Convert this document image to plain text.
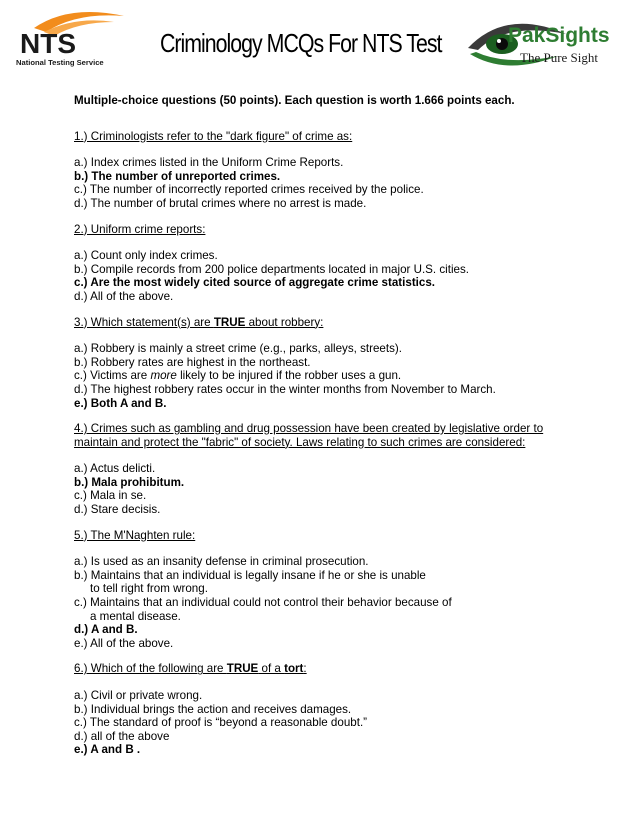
NTS
National Testing Service
Criminology MCQs For NTS Test	PakSights
The Pure Sight

Multiple-choice questions (50 points). Each question is worth 1.666 points each.

1.) Criminologists refer to the "dark figure" of crime as:

a.) Index crimes listed in the Uniform Crime Reports.

b.) The number of unreported crimes.

c.) The number of incorrectly reported crimes received by the police.

d.) The number of brutal crimes where no arrest is made.

2.) Uniform crime reports:

a.) Count only index crimes.

b.) Compile records from 200 police departments located in major U.S. cities.

c.) Are the most widely cited source of aggregate crime statistics.

d.) All of the above.

3.) Which statement(s) are TRUE about robbery:

a.) Robbery is mainly a street crime (e.g., parks, alleys, streets).

b.) Robbery rates are highest in the northeast.

c.) Victims are more likely to be injured if the robber uses a gun.

d.) The highest robbery rates occur in the winter months from November to March.

e.) Both A and B.

4.) Crimes such as gambling and drug possession have been created by legislative order to
maintain and protect the "fabric" of society. Laws relating to such crimes are considered:

a.) Actus delicti.

b.) Mala prohibitum.

c.) Mala in se.

d.) Stare decisis.

5.) The M'Naghten rule:

a.) Is used as an insanity defense in criminal prosecution.

b.) Maintains that an individual is legally insane if he or she is unable

to tell right from wrong.

c.) Maintains that an individual could not control their behavior because of

a mental disease.

d.) A and B.

e.) All of the above.

6.) Which of the following are TRUE of a tort:

a.) Civil or private wrong.

b.) Individual brings the action and receives damages.

c.) The standard of proof is “beyond a reasonable doubt.”

d.) all of the above

e.) A and B .
